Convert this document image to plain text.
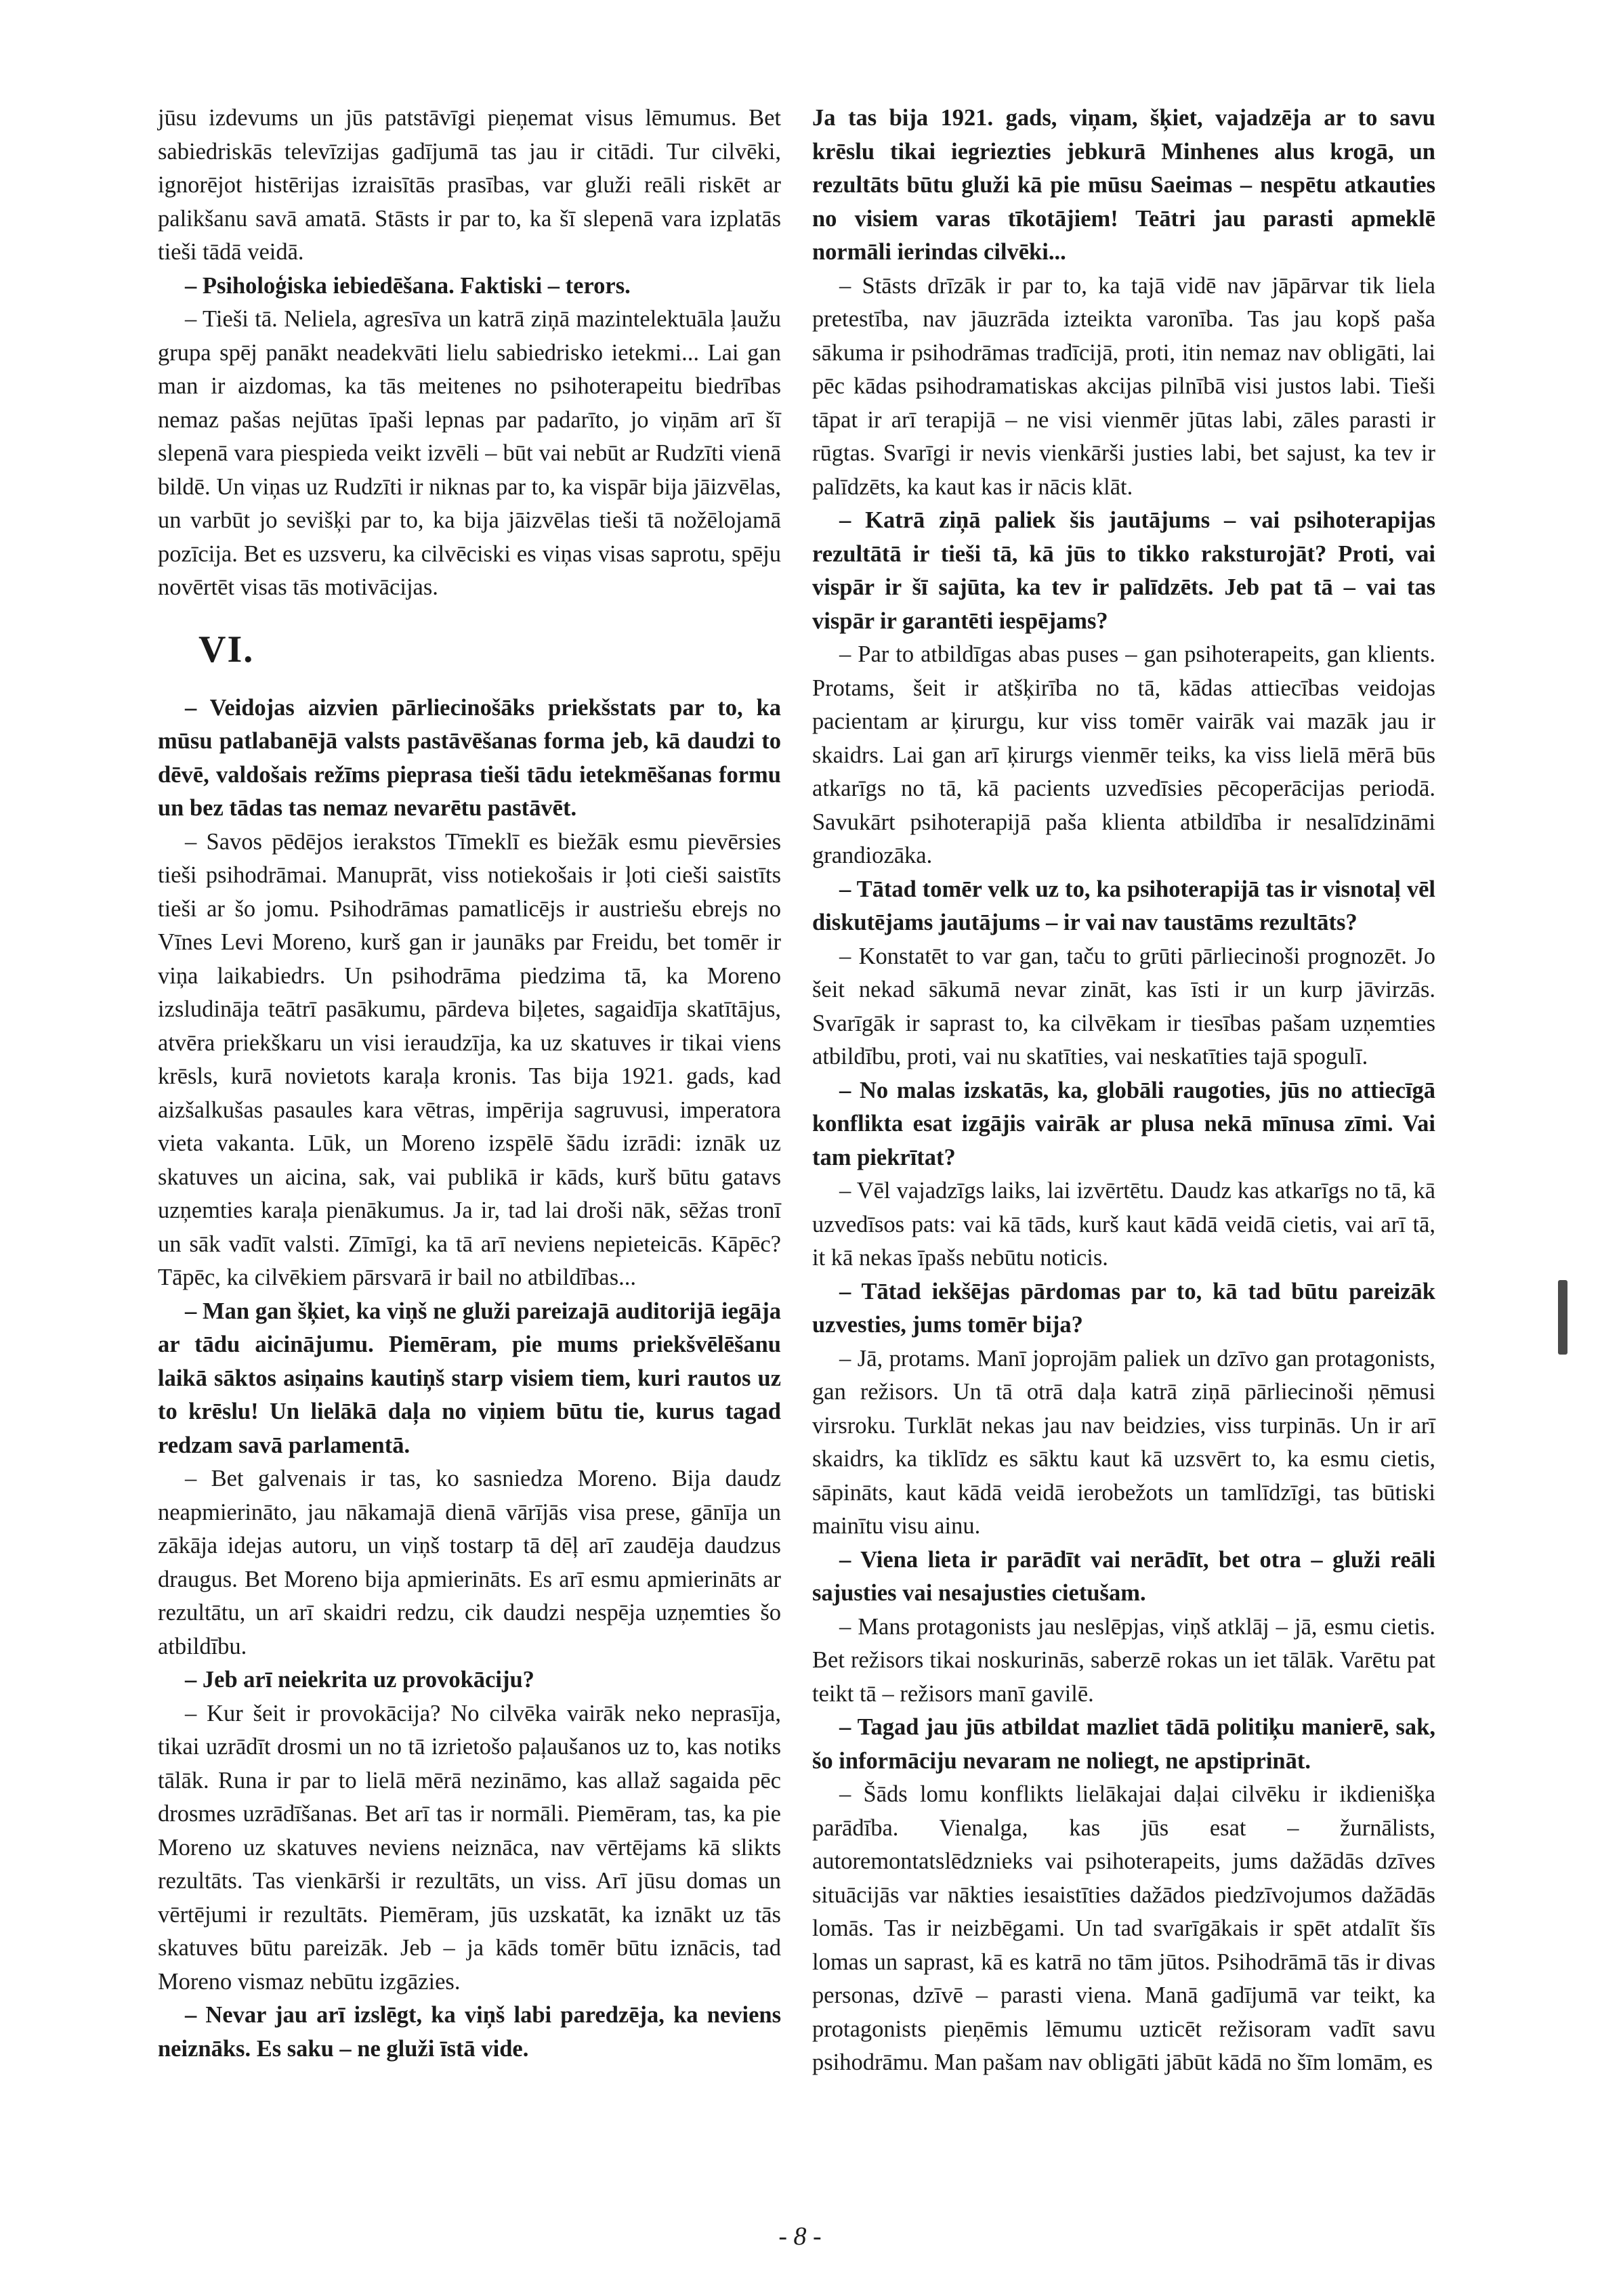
jūsu izdevums un jūs patstāvīgi pieņemat visus lēmumus. Bet sabiedriskās televīzijas gadījumā tas jau ir citādi. Tur cilvēki, ignorējot histērijas izraisītās prasības, var gluži reāli riskēt ar palikšanu savā amatā. Stāsts ir par to, ka šī slepenā vara izplatās tieši tādā veidā.

– Psiholoģiska iebiedēšana. Faktiski – terors.

– Tieši tā. Neliela, agresīva un katrā ziņā mazintelektuāla ļaužu grupa spēj panākt neadekvāti lielu sabiedrisko ietekmi... Lai gan man ir aizdomas, ka tās meitenes no psihoterapeitu biedrības nemaz pašas nejūtas īpaši lepnas par padarīto, jo viņām arī šī slepenā vara piespieda veikt izvēli – būt vai nebūt ar Rudzīti vienā bildē. Un viņas uz Rudzīti ir niknas par to, ka vispār bija jāizvēlas, un varbūt jo sevišķi par to, ka bija jāizvēlas tieši tā nožēlojamā pozīcija. Bet es uzsveru, ka cilvēciski es viņas visas saprotu, spēju novērtēt visas tās motivācijas.

VI.

– Veidojas aizvien pārliecinošāks priekšstats par to, ka mūsu patlabanējā valsts pastāvēšanas forma jeb, kā daudzi to dēvē, valdošais režīms pieprasa tieši tādu ietekmēšanas formu un bez tādas tas nemaz nevarētu pastāvēt.

– Savos pēdējos ierakstos Tīmeklī es biežāk esmu pievērsies tieši psihodrāmai. Manuprāt, viss notiekošais ir ļoti cieši saistīts tieši ar šo jomu. Psihodrāmas pamatlicējs ir austriešu ebrejs no Vīnes Levi Moreno, kurš gan ir jaunāks par Freidu, bet tomēr ir viņa laikabiedrs. Un psihodrāma piedzima tā, ka Moreno izsludināja teātrī pasākumu, pārdeva biļetes, sagaidīja skatītājus, atvēra priekškaru un visi ieraudzīja, ka uz skatuves ir tikai viens krēsls, kurā novietots karaļa kronis. Tas bija 1921. gads, kad aizšalkušas pasaules kara vētras, impērija sagruvusi, imperatora vieta vakanta. Lūk, un Moreno izspēlē šādu izrādi: iznāk uz skatuves un aicina, sak, vai publikā ir kāds, kurš būtu gatavs uzņemties karaļa pienākumus. Ja ir, tad lai droši nāk, sēžas tronī un sāk vadīt valsti. Zīmīgi, ka tā arī neviens nepieteicās. Kāpēc? Tāpēc, ka cilvēkiem pārsvarā ir bail no atbildības...

– Man gan šķiet, ka viņš ne gluži pareizajā auditorijā iegāja ar tādu aicinājumu. Piemēram, pie mums priekšvēlēšanu laikā sāktos asiņains kautiņš starp visiem tiem, kuri rautos uz to krēslu! Un lielākā daļa no viņiem būtu tie, kurus tagad redzam savā parlamentā.

– Bet galvenais ir tas, ko sasniedza Moreno. Bija daudz neapmierināto, jau nākamajā dienā vārījās visa prese, gānīja un zākāja idejas autoru, un viņš tostarp tā dēļ arī zaudēja daudzus draugus. Bet Moreno bija apmierināts. Es arī esmu apmierināts ar rezultātu, un arī skaidri redzu, cik daudzi nespēja uzņemties šo atbildību.

– Jeb arī neiekrita uz provokāciju?

– Kur šeit ir provokācija? No cilvēka vairāk neko neprasīja, tikai uzrādīt drosmi un no tā izrietošo paļaušanos uz to, kas notiks tālāk. Runa ir par to lielā mērā nezināmo, kas allaž sagaida pēc drosmes uzrādīšanas. Bet arī tas ir normāli. Piemēram, tas, ka pie Moreno uz skatuves neviens neiznāca, nav vērtējams kā slikts rezultāts. Tas vienkārši ir rezultāts, un viss. Arī jūsu domas un vērtējumi ir rezultāts. Piemēram, jūs uzskatāt, ka iznākt uz tās skatuves būtu pareizāk. Jeb – ja kāds tomēr būtu iznācis, tad Moreno vismaz nebūtu izgāzies.

– Nevar jau arī izslēgt, ka viņš labi paredzēja, ka neviens neiznāks. Es saku – ne gluži īstā vide.

Ja tas bija 1921. gads, viņam, šķiet, vajadzēja ar to savu krēslu tikai iegriezties jebkurā Minhenes alus krogā, un rezultāts būtu gluži kā pie mūsu Saeimas – nespētu atkauties no visiem varas tīkotājiem! Teātri jau parasti apmeklē normāli ierindas cilvēki...

– Stāsts drīzāk ir par to, ka tajā vidē nav jāpārvar tik liela pretestība, nav jāuzrāda izteikta varonība. Tas jau kopš paša sākuma ir psihodrāmas tradīcijā, proti, itin nemaz nav obligāti, lai pēc kādas psihodramatiskas akcijas pilnībā visi justos labi. Tieši tāpat ir arī terapijā – ne visi vienmēr jūtas labi, zāles parasti ir rūgtas. Svarīgi ir nevis vienkārši justies labi, bet sajust, ka tev ir palīdzēts, ka kaut kas ir nācis klāt.

– Katrā ziņā paliek šis jautājums – vai psihoterapijas rezultātā ir tieši tā, kā jūs to tikko raksturojāt? Proti, vai vispār ir šī sajūta, ka tev ir palīdzēts. Jeb pat tā – vai tas vispār ir garantēti iespējams?

– Par to atbildīgas abas puses – gan psihoterapeits, gan klients. Protams, šeit ir atšķirība no tā, kādas attiecības veidojas pacientam ar ķirurgu, kur viss tomēr vairāk vai mazāk jau ir skaidrs. Lai gan arī ķirurgs vienmēr teiks, ka viss lielā mērā būs atkarīgs no tā, kā pacients uzvedīsies pēcoperācijas periodā. Savukārt psihoterapijā paša klienta atbildība ir nesalīdzināmi grandiozāka.

– Tātad tomēr velk uz to, ka psihoterapijā tas ir visnotaļ vēl diskutējams jautājums – ir vai nav taustāms rezultāts?

– Konstatēt to var gan, taču to grūti pārliecinoši prognozēt. Jo šeit nekad sākumā nevar zināt, kas īsti ir un kurp jāvirzās. Svarīgāk ir saprast to, ka cilvēkam ir tiesības pašam uzņemties atbildību, proti, vai nu skatīties, vai neskatīties tajā spogulī.

– No malas izskatās, ka, globāli raugoties, jūs no attiecīgā konflikta esat izgājis vairāk ar plusa nekā mīnusa zīmi. Vai tam piekrītat?

– Vēl vajadzīgs laiks, lai izvērtētu. Daudz kas atkarīgs no tā, kā uzvedīsos pats: vai kā tāds, kurš kaut kādā veidā cietis, vai arī tā, it kā nekas īpašs nebūtu noticis.

– Tātad iekšējas pārdomas par to, kā tad būtu pareizāk uzvesties, jums tomēr bija?

– Jā, protams. Manī joprojām paliek un dzīvo gan protagonists, gan režisors. Un tā otrā daļa katrā ziņā pārliecinoši ņēmusi virsroku. Turklāt nekas jau nav beidzies, viss turpinās. Un ir arī skaidrs, ka tiklīdz es sāktu kaut kā uzsvērt to, ka esmu cietis, sāpināts, kaut kādā veidā ierobežots un tamlīdzīgi, tas būtiski mainītu visu ainu.

– Viena lieta ir parādīt vai nerādīt, bet otra – gluži reāli sajusties vai nesajusties cietušam.

– Mans protagonists jau neslēpjas, viņš atklāj – jā, esmu cietis. Bet režisors tikai noskurinās, saberzē rokas un iet tālāk. Varētu pat teikt tā – režisors manī gavilē.

– Tagad jau jūs atbildat mazliet tādā politiķu manierē, sak, šo informāciju nevaram ne noliegt, ne apstiprināt.

– Šāds lomu konflikts lielākajai daļai cilvēku ir ikdienišķa parādība. Vienalga, kas jūs esat – žurnālists, autoremontatslēdznieks vai psihoterapeits, jums dažādās dzīves situācijās var nākties iesaistīties dažādos piedzīvojumos dažādās lomās. Tas ir neizbēgami. Un tad svarīgākais ir spēt atdalīt šīs lomas un saprast, kā es katrā no tām jūtos. Psihodrāmā tās ir divas personas, dzīvē – parasti viena. Manā gadījumā var teikt, ka protagonists pieņēmis lēmumu uzticēt režisoram vadīt savu psihodrāmu. Man pašam nav obligāti jābūt kādā no šīm lomām, es

- 8 -
